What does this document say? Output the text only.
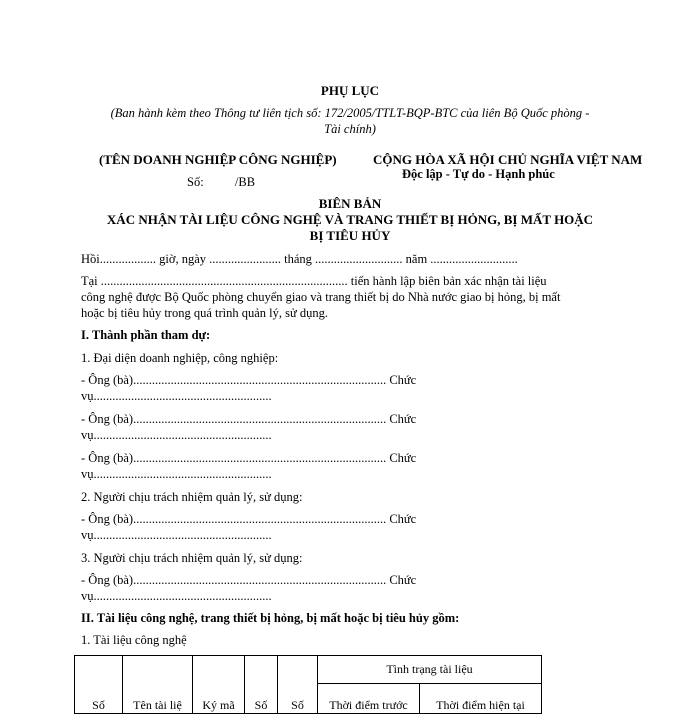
PHỤ LỤC
(Ban hành kèm theo Thông tư liên tịch số: 172/2005/TTLT-BQP-BTC của liên Bộ Quốc phòng -
Tài chính)
(TÊN DOANH NGHIỆP CÔNG NGHIỆP)
Số:          /BB
CỘNG HÒA XÃ HỘI CHỦ NGHĨA VIỆT NAM
Độc lập - Tự do - Hạnh phúc
BIÊN BẢN
XÁC NHẬN TÀI LIỆU CÔNG NGHỆ VÀ TRANG THIẾT BỊ HỎNG, BỊ MẤT HOẶC
BỊ TIÊU HỦY
Hồi.................. giờ, ngày ....................... tháng ............................ năm ............................
Tại ............................................................................... tiến hành lập biên bản xác nhận tài liệu
công nghệ được Bộ Quốc phòng chuyển giao và trang thiết bị do Nhà nước giao bị hỏng, bị mất
hoặc bị tiêu hủy trong quá trình quản lý, sử dụng.
I. Thành phần tham dự:
1. Đại diện doanh nghiệp, công nghiệp:
- Ông (bà)................................................................................. Chức
vụ.........................................................
- Ông (bà)................................................................................. Chức
vụ.........................................................
- Ông (bà)................................................................................. Chức
vụ.........................................................
2. Người chịu trách nhiệm quản lý, sử dụng:
- Ông (bà)................................................................................. Chức
vụ.........................................................
3. Người chịu trách nhiệm quản lý, sử dụng:
- Ông (bà)................................................................................. Chức
vụ.........................................................
II. Tài liệu công nghệ, trang thiết bị hỏng, bị mất hoặc bị tiêu hủy gồm:
1. Tài liệu công nghệ
Số	Tên tài liệ	Ký mã	Số	Số	Tình trạng tài liệu	

					Thời điểm trước	Thời điểm hiện tại
